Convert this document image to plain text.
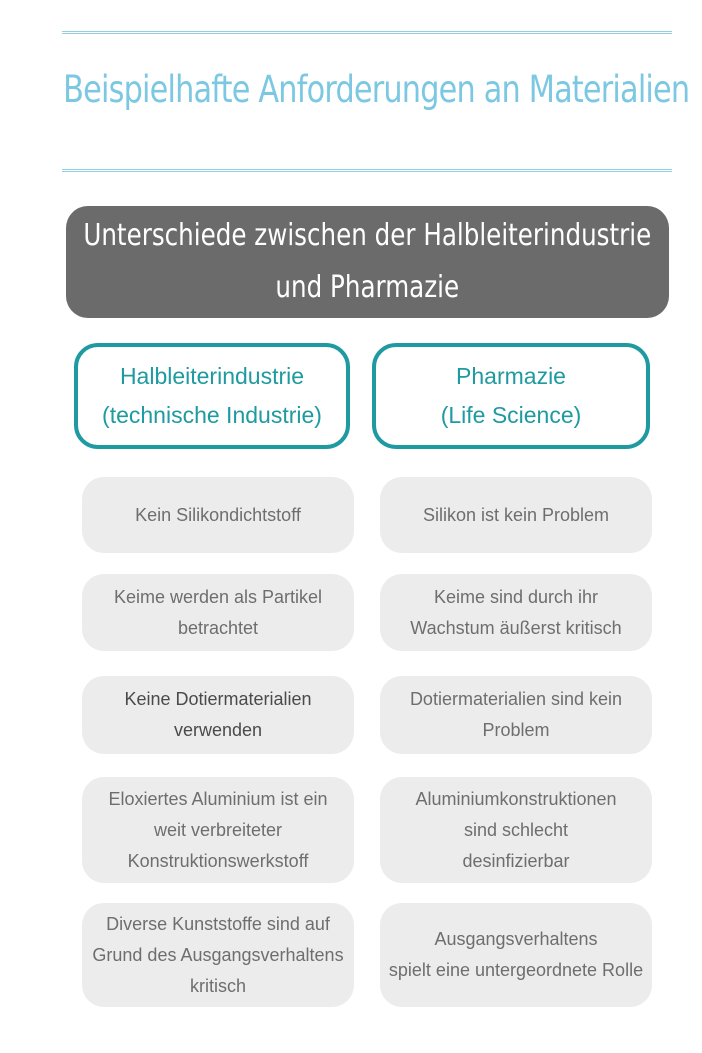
Beispielhafte Anforderungen an Materialien
Unterschiede zwischen der Halbleiterindustrie
und Pharmazie
Halbleiterindustrie
(technische Industrie)
Pharmazie
(Life Science)
Kein Silikondichtstoff	Silikon ist kein Problem
Keime werden als Partikel
betrachtet
Keime sind durch ihr
Wachstum äußerst kritisch
Keine Dotiermaterialien
verwenden
Dotiermaterialien sind kein
Problem
Eloxiertes Aluminium ist ein
weit verbreiteter
Konstruktionswerkstoff
Aluminiumkonstruktionen
sind schlecht
desinfizierbar
Diverse Kunststoffe sind auf
Grund des Ausgangsverhaltens
kritisch
Ausgangsverhaltens
spielt eine untergeordnete Rolle
